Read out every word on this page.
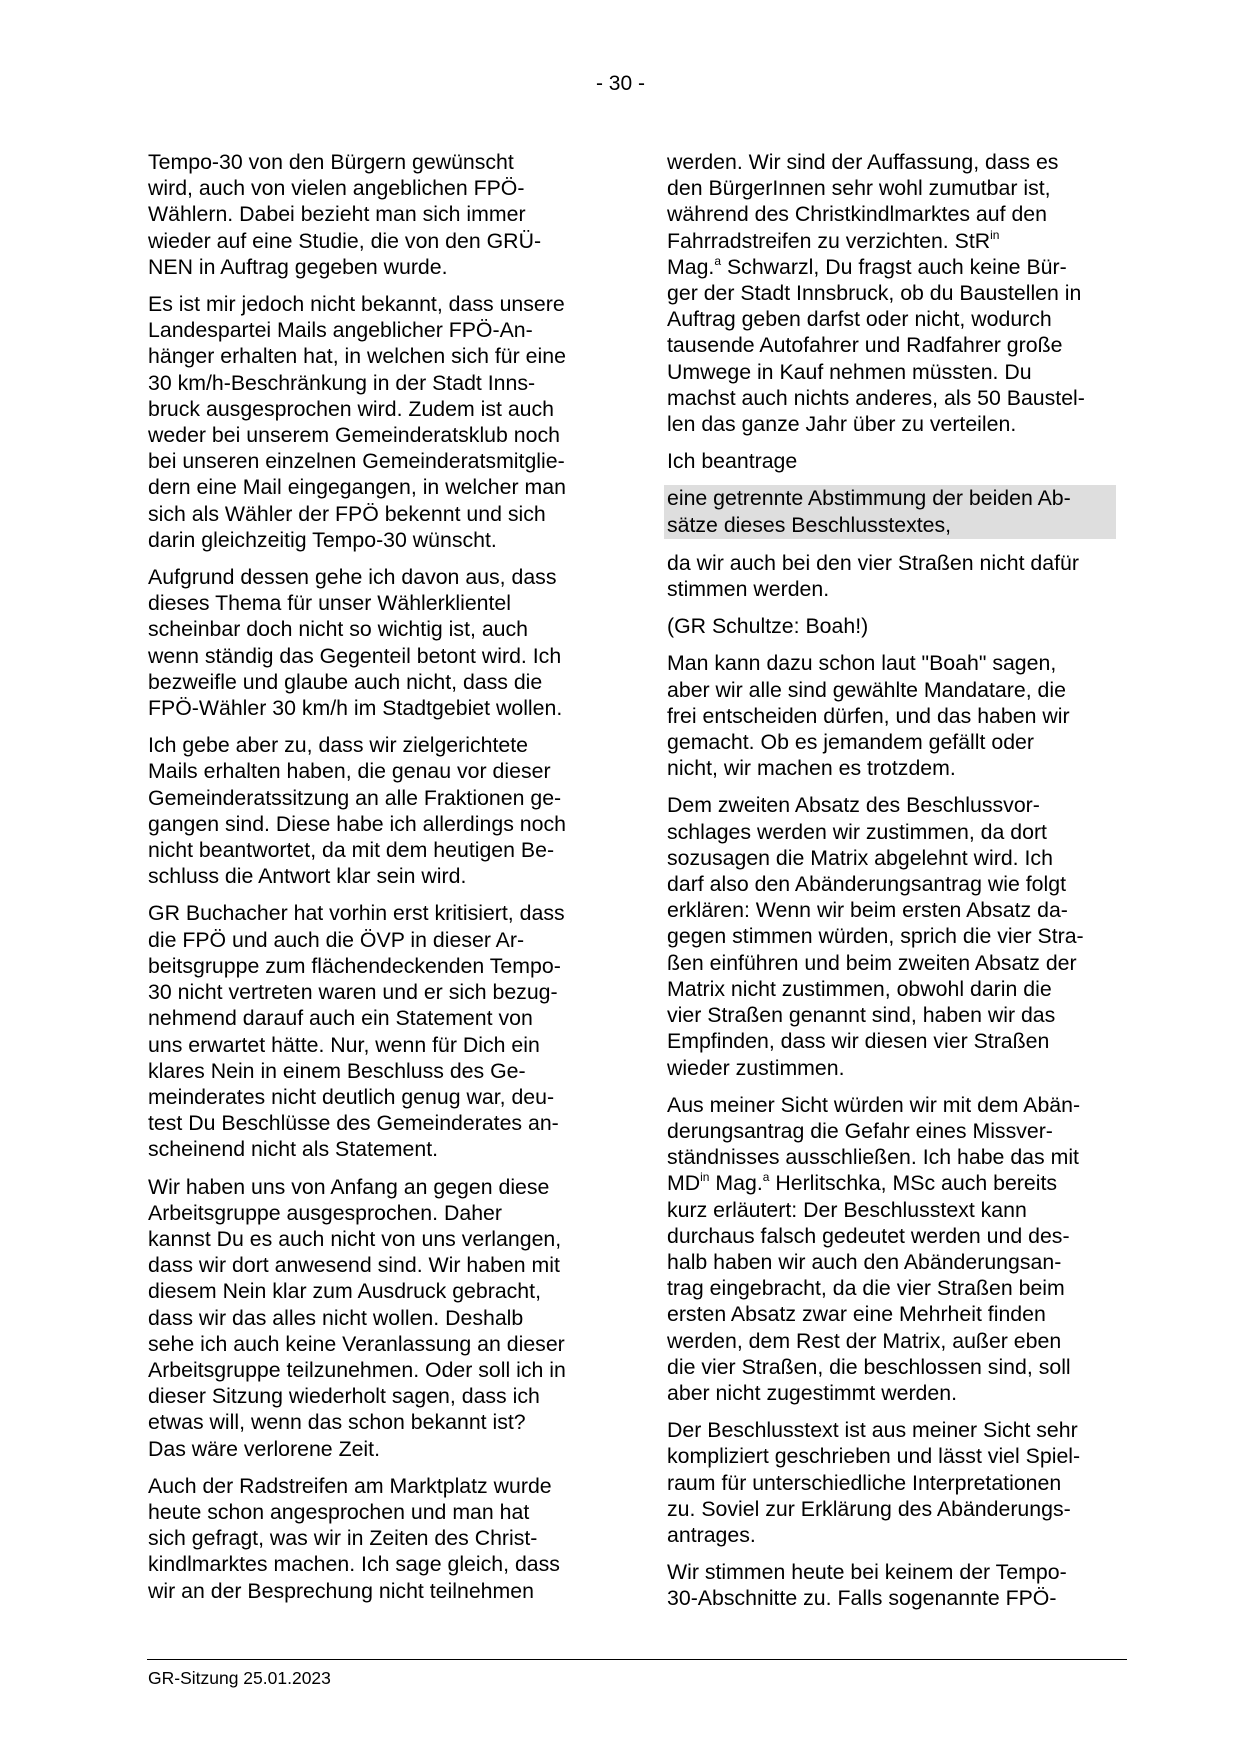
- 30 -

Tempo-30 von den Bürgern gewünscht
wird, auch von vielen angeblichen FPÖ-
Wählern. Dabei bezieht man sich immer
wieder auf eine Studie, die von den GRÜ-
NEN in Auftrag gegeben wurde.

Es ist mir jedoch nicht bekannt, dass unsere
Landespartei Mails angeblicher FPÖ-An-
hänger erhalten hat, in welchen sich für eine
30 km/h-Beschränkung in der Stadt Inns-
bruck ausgesprochen wird. Zudem ist auch
weder bei unserem Gemeinderatsklub noch
bei unseren einzelnen Gemeinderatsmitglie-
dern eine Mail eingegangen, in welcher man
sich als Wähler der FPÖ bekennt und sich
darin gleichzeitig Tempo-30 wünscht.

Aufgrund dessen gehe ich davon aus, dass
dieses Thema für unser Wählerklientel
scheinbar doch nicht so wichtig ist, auch
wenn ständig das Gegenteil betont wird. Ich
bezweifle und glaube auch nicht, dass die
FPÖ-Wähler 30 km/h im Stadtgebiet wollen.

Ich gebe aber zu, dass wir zielgerichtete
Mails erhalten haben, die genau vor dieser
Gemeinderatssitzung an alle Fraktionen ge-
gangen sind. Diese habe ich allerdings noch
nicht beantwortet, da mit dem heutigen Be-
schluss die Antwort klar sein wird.

GR Buchacher hat vorhin erst kritisiert, dass
die FPÖ und auch die ÖVP in dieser Ar-
beitsgruppe zum flächendeckenden Tempo-
30 nicht vertreten waren und er sich bezug-
nehmend darauf auch ein Statement von
uns erwartet hätte. Nur, wenn für Dich ein
klares Nein in einem Beschluss des Ge-
meinderates nicht deutlich genug war, deu-
test Du Beschlüsse des Gemeinderates an-
scheinend nicht als Statement.

Wir haben uns von Anfang an gegen diese
Arbeitsgruppe ausgesprochen. Daher
kannst Du es auch nicht von uns verlangen,
dass wir dort anwesend sind. Wir haben mit
diesem Nein klar zum Ausdruck gebracht,
dass wir das alles nicht wollen. Deshalb
sehe ich auch keine Veranlassung an dieser
Arbeitsgruppe teilzunehmen. Oder soll ich in
dieser Sitzung wiederholt sagen, dass ich
etwas will, wenn das schon bekannt ist?
Das wäre verlorene Zeit.

Auch der Radstreifen am Marktplatz wurde
heute schon angesprochen und man hat
sich gefragt, was wir in Zeiten des Christ-
kindlmarktes machen. Ich sage gleich, dass
wir an der Besprechung nicht teilnehmen

werden. Wir sind der Auffassung, dass es
den BürgerInnen sehr wohl zumutbar ist,
während des Christkindlmarktes auf den
Fahrradstreifen zu verzichten. StR$^{in}$
Mag.$^a$ Schwarzl, Du fragst auch keine Bür-
ger der Stadt Innsbruck, ob du Baustellen in
Auftrag geben darfst oder nicht, wodurch
tausende Autofahrer und Radfahrer große
Umwege in Kauf nehmen müssten. Du
machst auch nichts anderes, als 50 Baustel-
len das ganze Jahr über zu verteilen.

Ich beantrage

eine getrennte Abstimmung der beiden Ab-
sätze dieses Beschlusstextes,

da wir auch bei den vier Straßen nicht dafür
stimmen werden.

(GR Schultze: Boah!)

Man kann dazu schon laut "Boah" sagen,
aber wir alle sind gewählte Mandatare, die
frei entscheiden dürfen, und das haben wir
gemacht. Ob es jemandem gefällt oder
nicht, wir machen es trotzdem.

Dem zweiten Absatz des Beschlussvor-
schlages werden wir zustimmen, da dort
sozusagen die Matrix abgelehnt wird. Ich
darf also den Abänderungsantrag wie folgt
erklären: Wenn wir beim ersten Absatz da-
gegen stimmen würden, sprich die vier Stra-
ßen einführen und beim zweiten Absatz der
Matrix nicht zustimmen, obwohl darin die
vier Straßen genannt sind, haben wir das
Empfinden, dass wir diesen vier Straßen
wieder zustimmen.

Aus meiner Sicht würden wir mit dem Abän-
derungsantrag die Gefahr eines Missver-
ständnisses ausschließen. Ich habe das mit
$MD^{in}$ Mag.$^a$ Herlitschka, MSc auch bereits
kurz erläutert: Der Beschlusstext kann
durchaus falsch gedeutet werden und des-
halb haben wir auch den Abänderungsan-
trag eingebracht, da die vier Straßen beim
ersten Absatz zwar eine Mehrheit finden
werden, dem Rest der Matrix, außer eben
die vier Straßen, die beschlossen sind, soll
aber nicht zugestimmt werden.

Der Beschlusstext ist aus meiner Sicht sehr
kompliziert geschrieben und lässt viel Spiel-
raum für unterschiedliche Interpretationen
zu. Soviel zur Erklärung des Abänderungs-
antrages.

Wir stimmen heute bei keinem der Tempo-
30-Abschnitte zu. Falls sogenannte FPÖ-

GR-Sitzung 25.01.2023
